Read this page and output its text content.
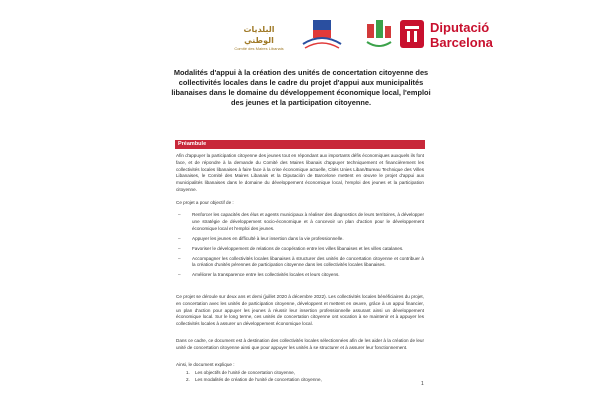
البلديات الوطني
Comité des Maires Libanais
Diputació
Barcelona
Modalités d'appui à la création des unités de concertation citoyenne des collectivités locales dans le cadre du projet d'appui aux municipalités libanaises dans le domaine du développement économique local, l'emploi des jeunes et la participation citoyenne.
Préambule
Afin d'appuyer la participation citoyenne des jeunes tout en répondant aux importants défis économiques auxquels ils font face, et de répondre à la demande du Comité des Maires libanais d'appuyer techniquement et financièrement les collectivités locales libanaises à faire face à la crise économique actuelle, Cités Unies Liban/Bureau Technique des Villes Libanaises, le Comité des Maires Libanais et la Diputación de Barcelone mettent en œuvre le projet d'appui aux municipalités libanaises dans le domaine du développement économique local, l'emploi des jeunes et la participation citoyenne.
Ce projet a pour objectif de :
– Renforcer les capacités des élus et agents municipaux à réaliser des diagnostics de leurs territoires, à développer une stratégie de développement socio-économique et à concevoir un plan d'action pour le développement économique local et l'emploi des jeunes.
– Appuyer les jeunes en difficulté à leur insertion dans la vie professionnelle.
– Favoriser le développement de relations de coopération entre les villes libanaises et les villes catalanes.
– Accompagner les collectivités locales libanaises à structurer des unités de concertation citoyenne et contribuer à la création d'unités pérennes de participation citoyenne dans les collectivités locales libanaises.
– Améliorer la transparence entre les collectivités locales et leurs citoyens.
Ce projet se déroule sur deux ans et demi (juillet 2020 à décembre 2022). Les collectivités locales bénéficiaires du projet, en concertation avec les unités de participation citoyenne, développent et mettent en œuvre, grâce à un appui financier, un plan d'action pour appuyer les jeunes à réussir leur insertion professionnelle assurant ainsi un développement économique local. Sur le long terme, ces unités de concertation citoyenne ont vocation à se maintenir et à appuyer les collectivités locales à assurer un développement économique local.
Dans ce cadre, ce document est à destination des collectivités locales sélectionnées afin de les aider à la création de leur unité de concertation citoyenne ainsi que pour appuyer les unités à se structurer et à assurer leur fonctionnement.
Ainsi, le document explique :
1. Les objectifs de l'unité de concertation citoyenne,
2. Les modalités de création de l'unité de concertation citoyenne,
1
